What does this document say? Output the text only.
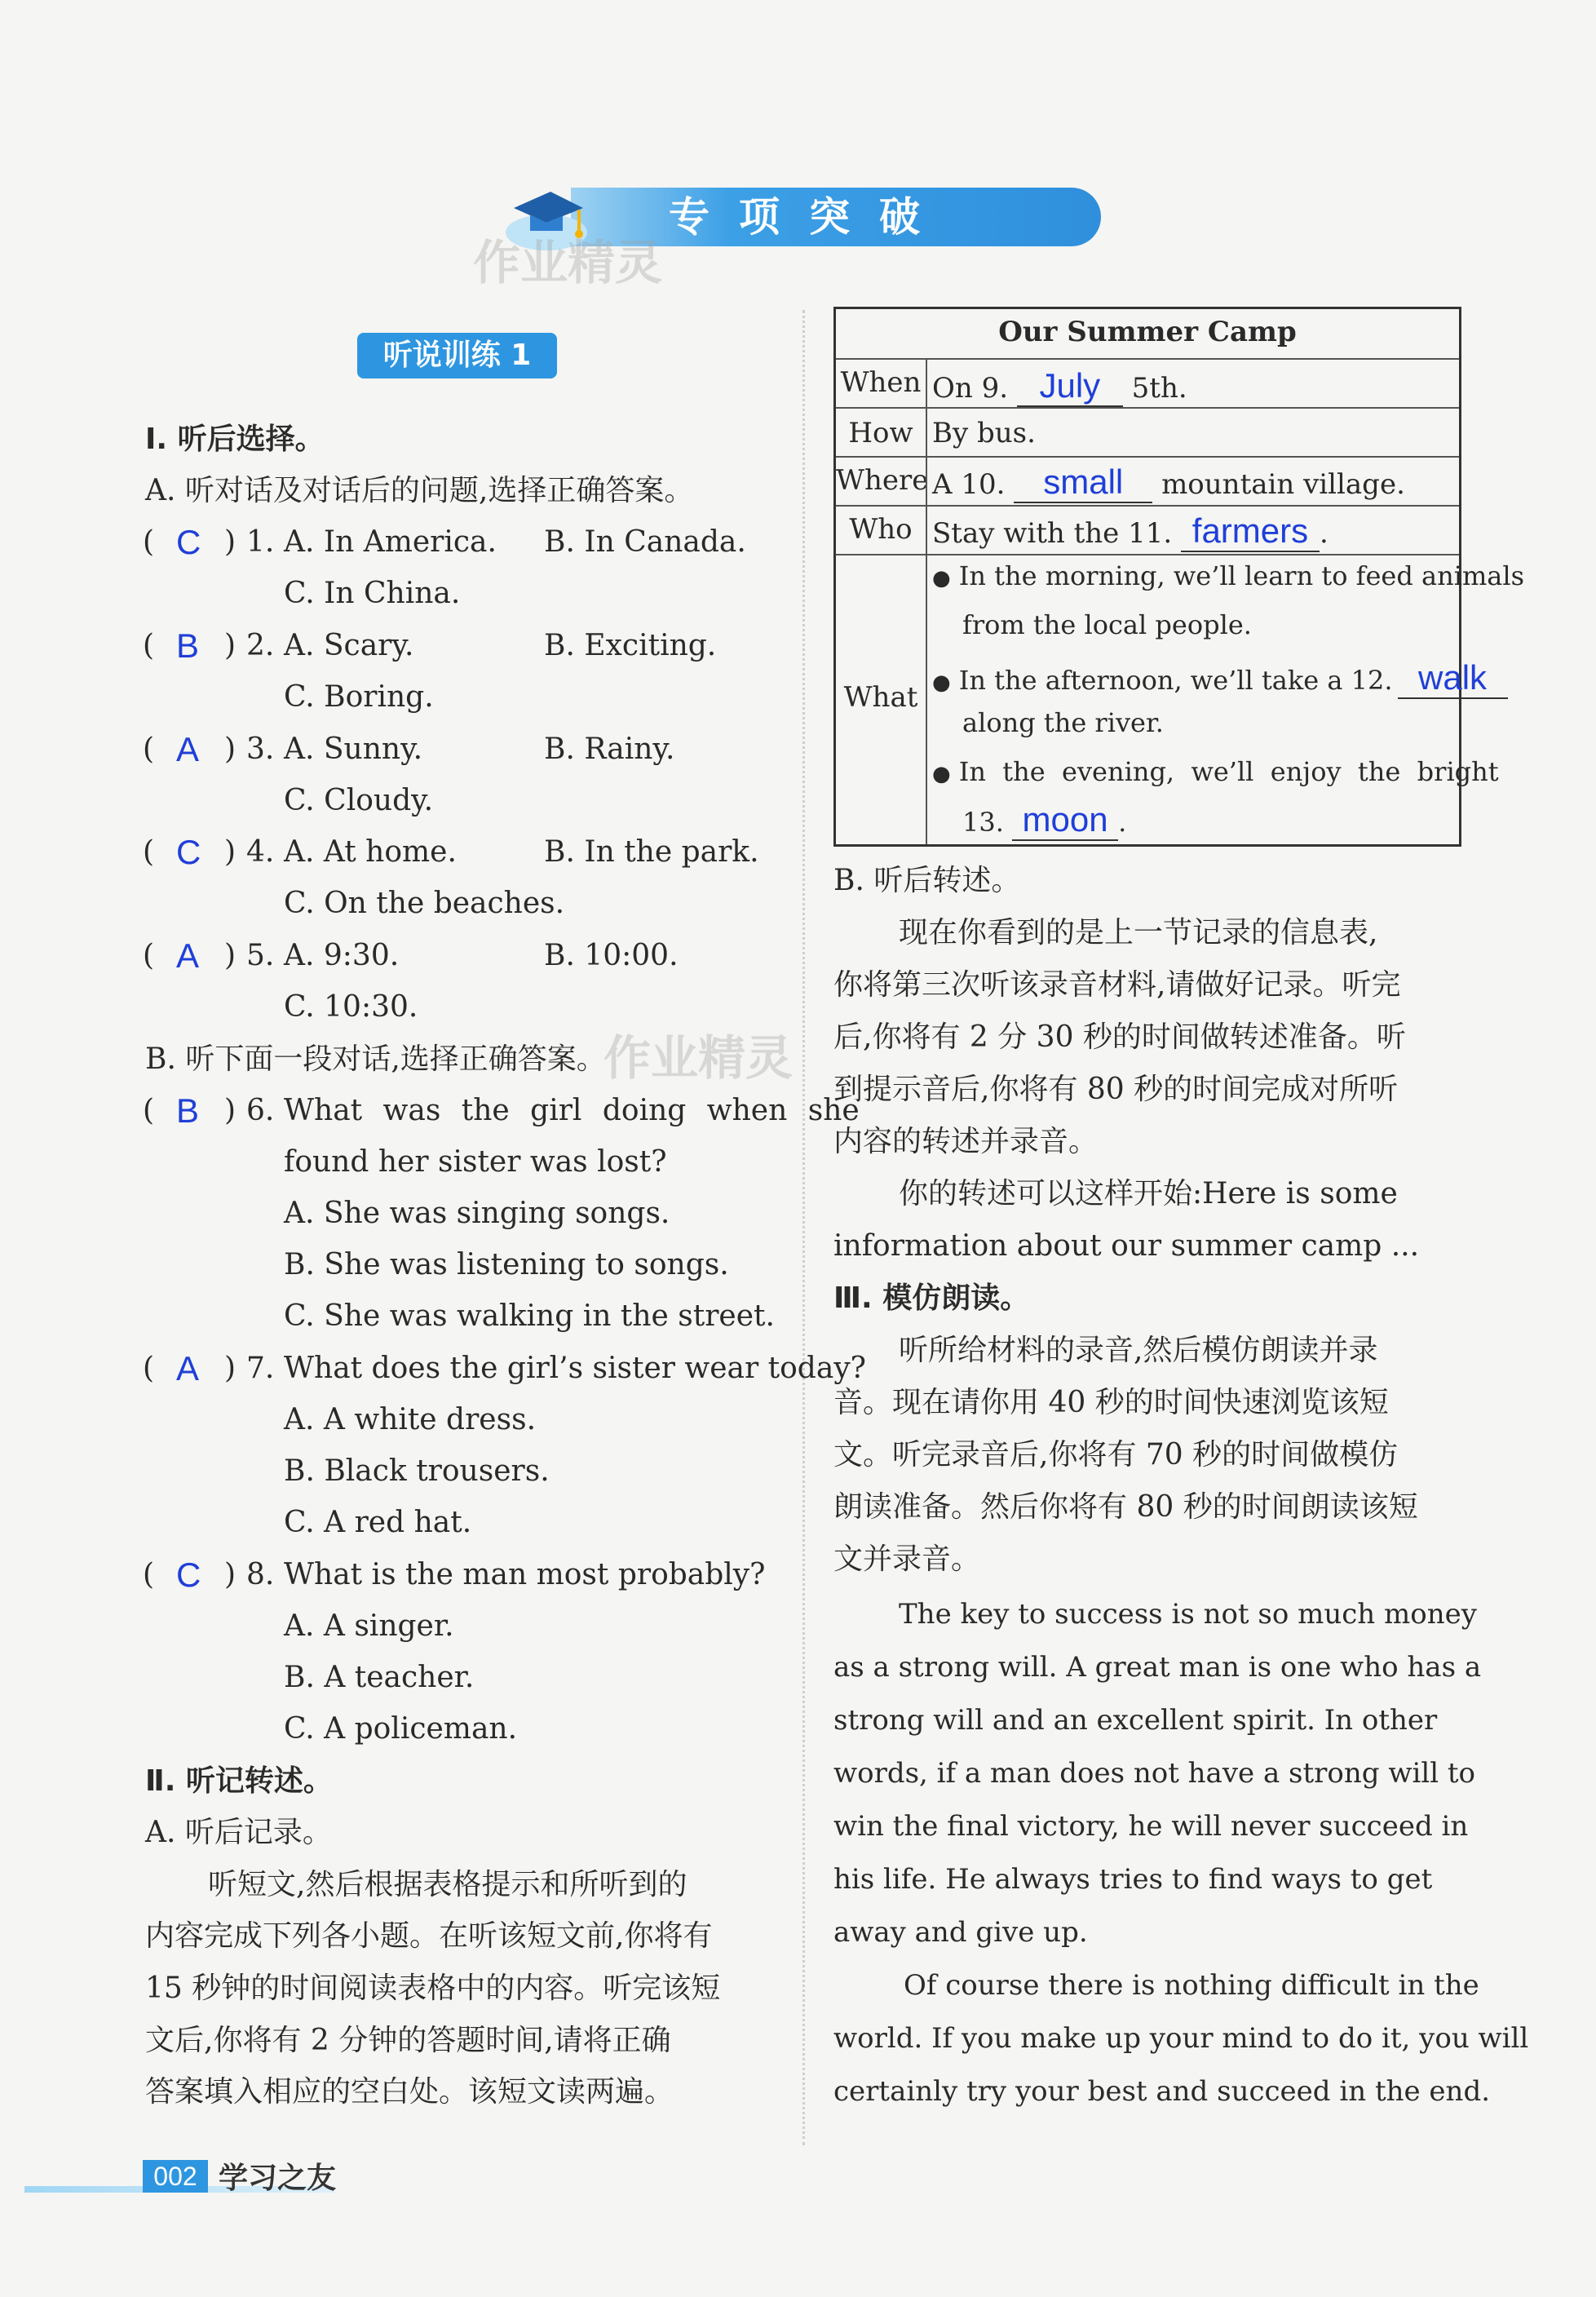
专项突破
作业精灵
作业精灵
听说训练 1
Ⅰ. 听后选择。
A. 听对话及对话后的问题,选择正确答案。
( C ) 1. A. In America. B. In Canada.
C. In China.
( B ) 2. A. Scary.	B. Exciting.
C. Boring.
( A ) 3. A. Sunny.	B. Rainy.
C. Cloudy.
( C ) 4. A. At home.	B. In the park.
C. On the beaches.
( A ) 5. A. 9:30.	B. 10:00.
C. 10:30.
B. 听下面一段对话,选择正确答案。
( B ) 6. What was the girl doing when she
found her sister was lost?
A. She was singing songs.
B. She was listening to songs.
C. She was walking in the street.
( A ) 7. What does the girl’s sister wear today?
A. A white dress.
B. Black trousers.
C. A red hat.
( C ) 8. What is the man most probably?
A. A singer.
B. A teacher.
C. A policeman.
Ⅱ. 听记转述。
A. 听后记录。
听短文,然后根据表格提示和所听到的
内容完成下列各小题。在听该短文前,你将有
15 秒钟的时间阅读表格中的内容。听完该短
文后,你将有 2 分钟的答题时间,请将正确
答案填入相应的空白处。该短文读两遍。
Our Summer Camp
When On 9. July 5th.
How By bus.
Where A 10. small mountain village.
Who Stay with the 11. farmers .
What
● In the morning, we’ll learn to feed animals
from the local people.
● In the afternoon, we’ll take a 12. walk
along the river.
● In  the  evening,  we’ll  enjoy  the  bright
13. moon .
B. 听后转述。
现在你看到的是上一节记录的信息表,
你将第三次听该录音材料,请做好记录。听完
后,你将有 2 分 30 秒的时间做转述准备。听
到提示音后,你将有 80 秒的时间完成对所听
内容的转述并录音。
你的转述可以这样开始:Here is some
information about our summer camp ...
Ⅲ. 模仿朗读。
听所给材料的录音,然后模仿朗读并录
音。现在请你用 40 秒的时间快速浏览该短
文。听完录音后,你将有 70 秒的时间做模仿
朗读准备。然后你将有 80 秒的时间朗读该短
文并录音。
The key to success is not so much money
as a strong will. A great man is one who has a
strong will and an excellent spirit. In other
words, if a man does not have a strong will to
win the final victory, he will never succeed in
his life. He always tries to find ways to get
away and give up.
Of course there is nothing difficult in the
world. If you make up your mind to do it, you will
certainly try your best and succeed in the end.
002 学习之友
